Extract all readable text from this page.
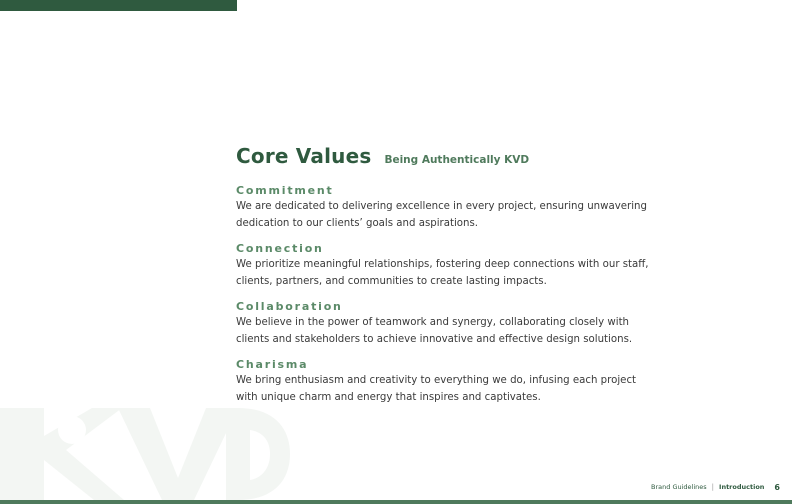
Core Values Being Authentically KVD
Commitment
We are dedicated to delivering excellence in every project, ensuring unwavering dedication to our clients’ goals and aspirations.
Connection
We prioritize meaningful relationships, fostering deep connections with our staff, clients, partners, and communities to create lasting impacts.
Collaboration
We believe in the power of teamwork and synergy, collaborating closely with clients and stakeholders to achieve innovative and effective design solutions.
Charisma
We bring enthusiasm and creativity to everything we do, infusing each project with unique charm and energy that inspires and captivates.
Brand Guidelines | Introduction 6
